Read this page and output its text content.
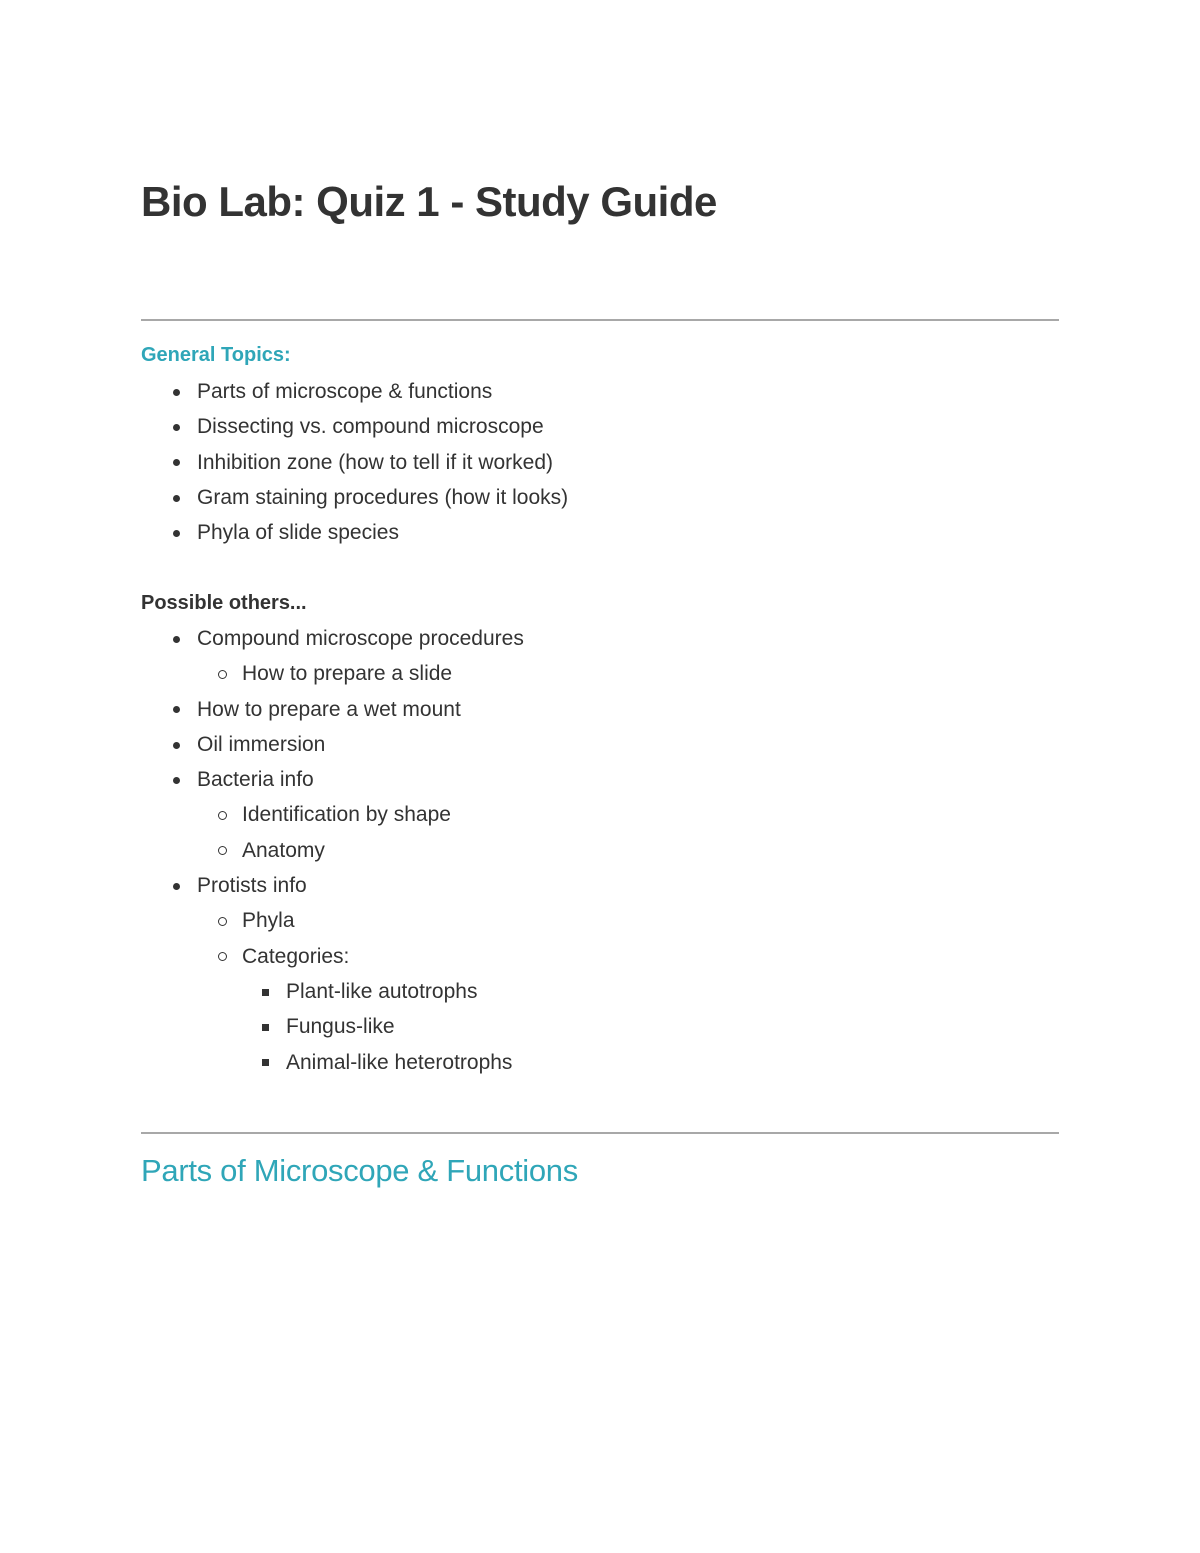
Bio Lab: Quiz 1 - Study Guide
General Topics:
Parts of microscope & functions
Dissecting vs. compound microscope
Inhibition zone (how to tell if it worked)
Gram staining procedures (how it looks)
Phyla of slide species
Possible others...
Compound microscope procedures
How to prepare a slide
How to prepare a wet mount
Oil immersion
Bacteria info
Identification by shape
Anatomy
Protists info
Phyla
Categories:
Plant-like autotrophs
Fungus-like
Animal-like heterotrophs
Parts of Microscope & Functions
